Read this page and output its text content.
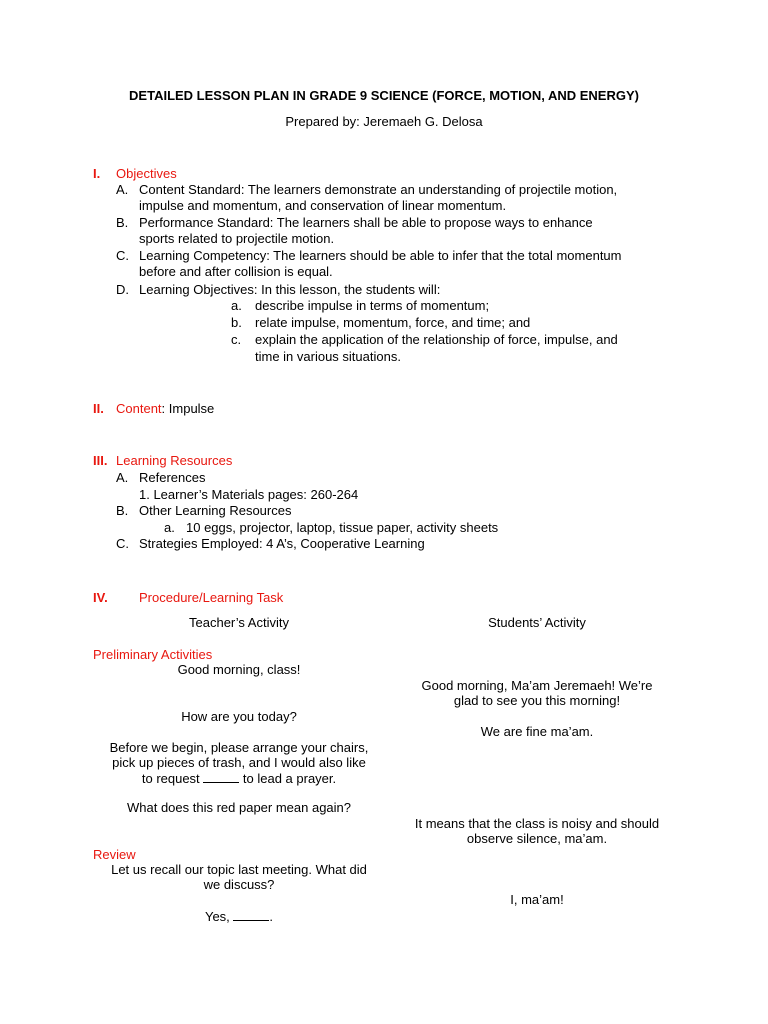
DETAILED LESSON PLAN IN GRADE 9 SCIENCE (FORCE, MOTION, AND ENERGY)
Prepared by: Jeremaeh G. Delosa
I. Objectives
A. Content Standard: The learners demonstrate an understanding of projectile motion,
impulse and momentum, and conservation of linear momentum.
B. Performance Standard: The learners shall be able to propose ways to enhance
sports related to projectile motion.
C. Learning Competency: The learners should be able to infer that the total momentum
before and after collision is equal.
D. Learning Objectives: In this lesson, the students will:
a. describe impulse in terms of momentum;
b. relate impulse, momentum, force, and time; and
c. explain the application of the relationship of force, impulse, and
time in various situations.
II. Content: Impulse
III. Learning Resources
A. References
1. Learner’s Materials pages: 260-264
B. Other Learning Resources
a. 10 eggs, projector, laptop, tissue paper, activity sheets
C. Strategies Employed: 4 A’s, Cooperative Learning
IV. Procedure/Learning Task
Teacher’s Activity	Students’ Activity
Preliminary Activities
Good morning, class!
Good morning, Ma’am Jeremaeh! We’re
glad to see you this morning!
How are you today?
We are fine ma’am.
Before we begin, please arrange your chairs,
pick up pieces of trash, and I would also like
to request	to lead a prayer.
What does this red paper mean again?
It means that the class is noisy and should
observe silence, ma’am.
Review
Let us recall our topic last meeting. What did
we discuss?
I, ma’am!
Yes,	.
